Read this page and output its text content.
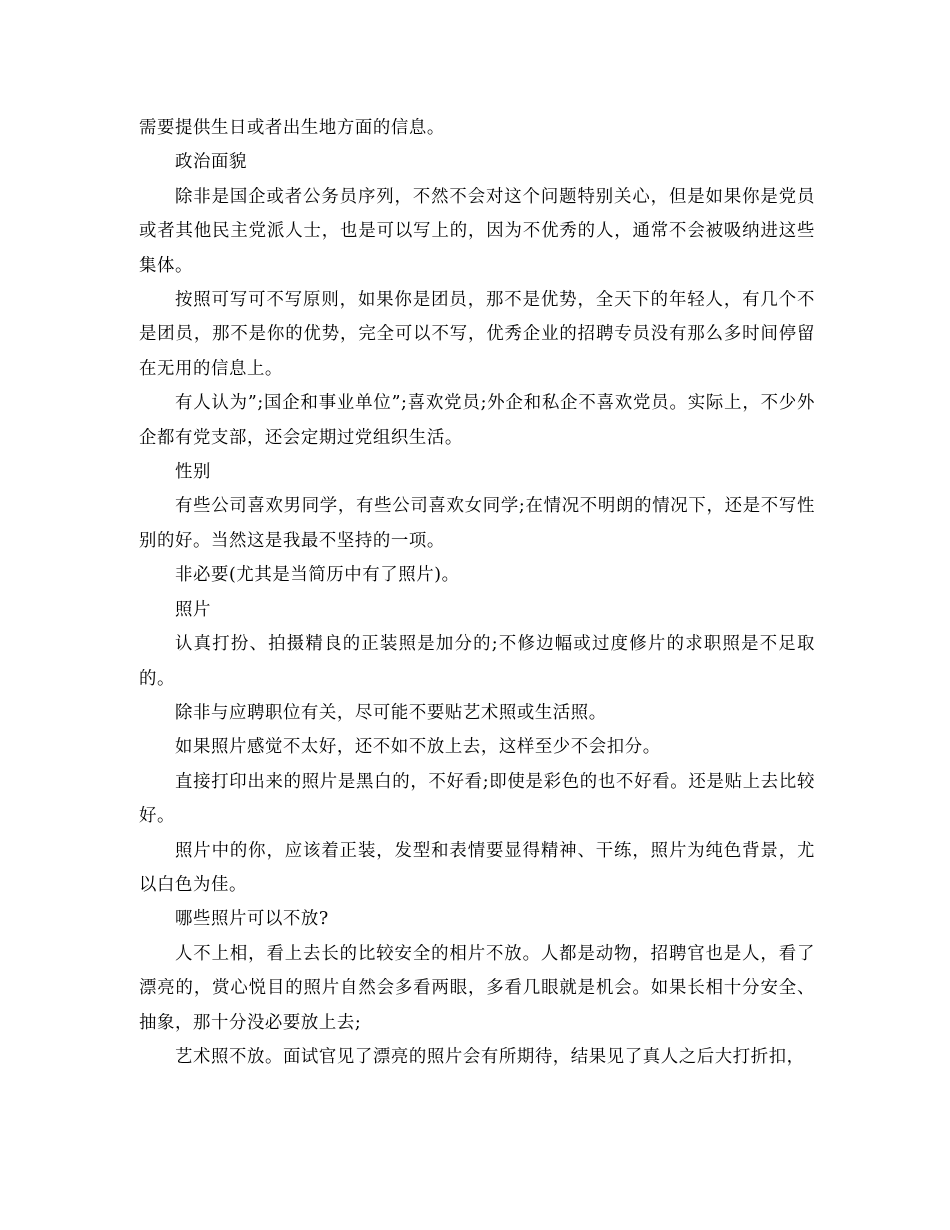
需要提供生日或者出生地方面的信息。

政治面貌

除非是国企或者公务员序列，不然不会对这个问题特别关心，但是如果你是党员或者其他民主党派人士，也是可以写上的，因为不优秀的人，通常不会被吸纳进这些集体。

按照可写可不写原则，如果你是团员，那不是优势，全天下的年轻人，有几个不是团员，那不是你的优势，完全可以不写，优秀企业的招聘专员没有那么多时间停留在无用的信息上。

有人认为”;国企和事业单位”;喜欢党员;外企和私企不喜欢党员。实际上，不少外企都有党支部，还会定期过党组织生活。

性别

有些公司喜欢男同学，有些公司喜欢女同学;在情况不明朗的情况下，还是不写性别的好。当然这是我最不坚持的一项。

非必要(尤其是当简历中有了照片)。

照片

认真打扮、拍摄精良的正装照是加分的;不修边幅或过度修片的求职照是不足取的。

除非与应聘职位有关，尽可能不要贴艺术照或生活照。

如果照片感觉不太好，还不如不放上去，这样至少不会扣分。

直接打印出来的照片是黑白的，不好看;即使是彩色的也不好看。还是贴上去比较好。

照片中的你，应该着正装，发型和表情要显得精神、干练，照片为纯色背景，尤以白色为佳。

哪些照片可以不放?

人不上相，看上去长的比较安全的相片不放。人都是动物，招聘官也是人，看了漂亮的，赏心悦目的照片自然会多看两眼，多看几眼就是机会。如果长相十分安全、抽象，那十分没必要放上去;

艺术照不放。面试官见了漂亮的照片会有所期待，结果见了真人之后大打折扣，
